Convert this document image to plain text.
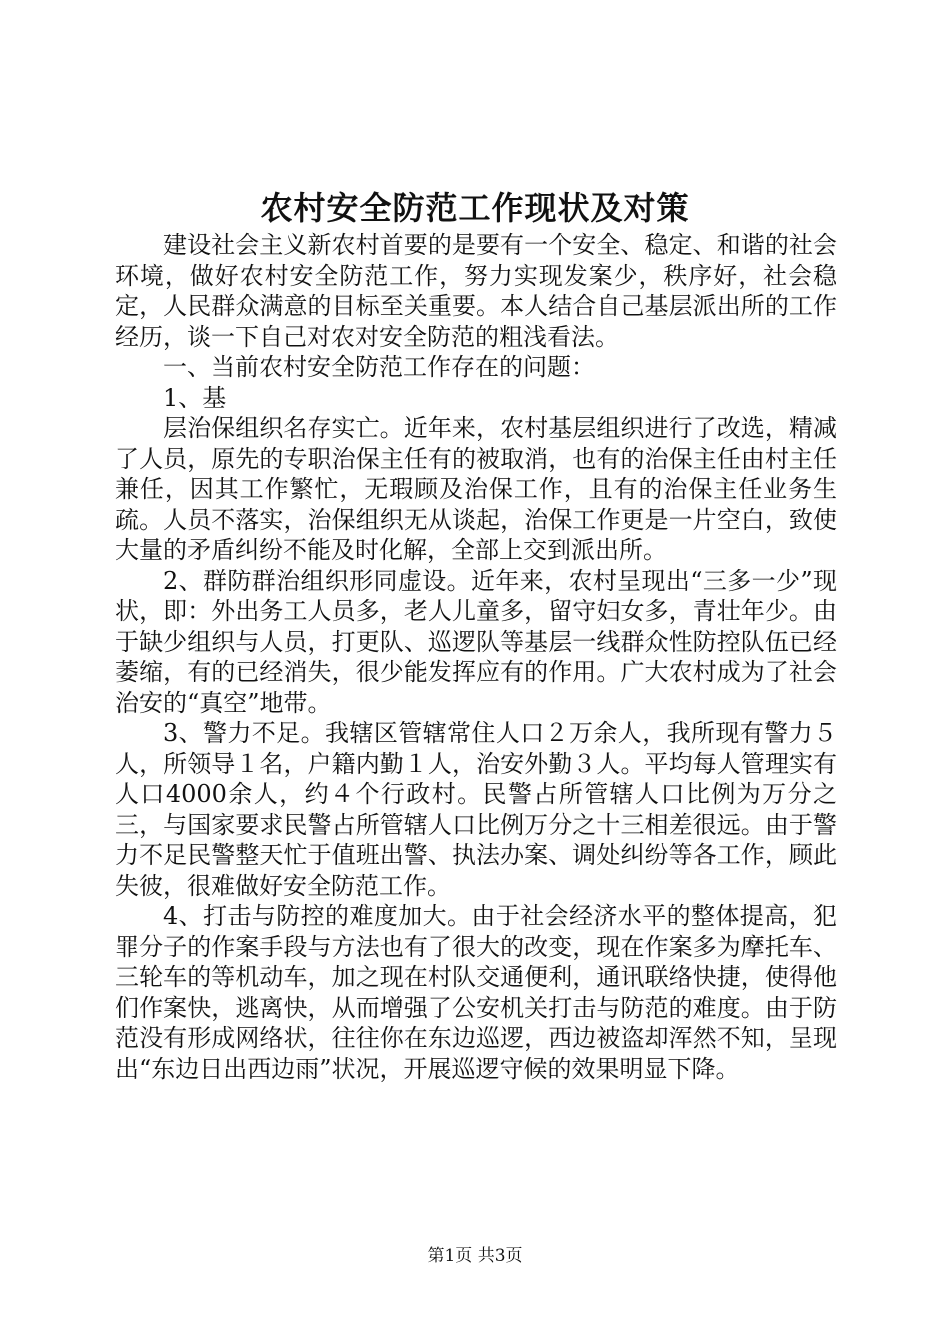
农村安全防范工作现状及对策

建设社会主义新农村首要的是要有一个安全、稳定、和谐的社会环境，做好农村安全防范工作，努力实现发案少，秩序好，社会稳定，人民群众满意的目标至关重要。本人结合自己基层派出所的工作经历，谈一下自己对农对安全防范的粗浅看法。

一、当前农村安全防范工作存在的问题：

1、基

层治保组织名存实亡。近年来，农村基层组织进行了改选，精减了人员，原先的专职治保主任有的被取消，也有的治保主任由村主任兼任，因其工作繁忙，无瑕顾及治保工作，且有的治保主任业务生疏。人员不落实，治保组织无从谈起，治保工作更是一片空白，致使大量的矛盾纠纷不能及时化解，全部上交到派出所。

2、群防群治组织形同虚设。近年来，农村呈现出“三多一少”现状，即：外出务工人员多，老人儿童多，留守妇女多，青壮年少。由于缺少组织与人员，打更队、巡逻队等基层一线群众性防控队伍已经萎缩，有的已经消失，很少能发挥应有的作用。广大农村成为了社会治安的“真空”地带。

3、警力不足。我辖区管辖常住人口２万余人，我所现有警力５人，所领导１名，户籍内勤１人，治安外勤３人。平均每人管理实有人口4000余人，约４个行政村。民警占所管辖人口比例为万分之三，与国家要求民警占所管辖人口比例万分之十三相差很远。由于警力不足民警整天忙于值班出警、执法办案、调处纠纷等各工作，顾此失彼，很难做好安全防范工作。

4、打击与防控的难度加大。由于社会经济水平的整体提高，犯罪分子的作案手段与方法也有了很大的改变，现在作案多为摩托车、三轮车的等机动车，加之现在村队交通便利，通讯联络快捷，使得他们作案快，逃离快，从而增强了公安机关打击与防范的难度。由于防范没有形成网络状，往往你在东边巡逻，西边被盗却浑然不知，呈现出“东边日出西边雨”状况，开展巡逻守候的效果明显下降。

第1页 共3页
